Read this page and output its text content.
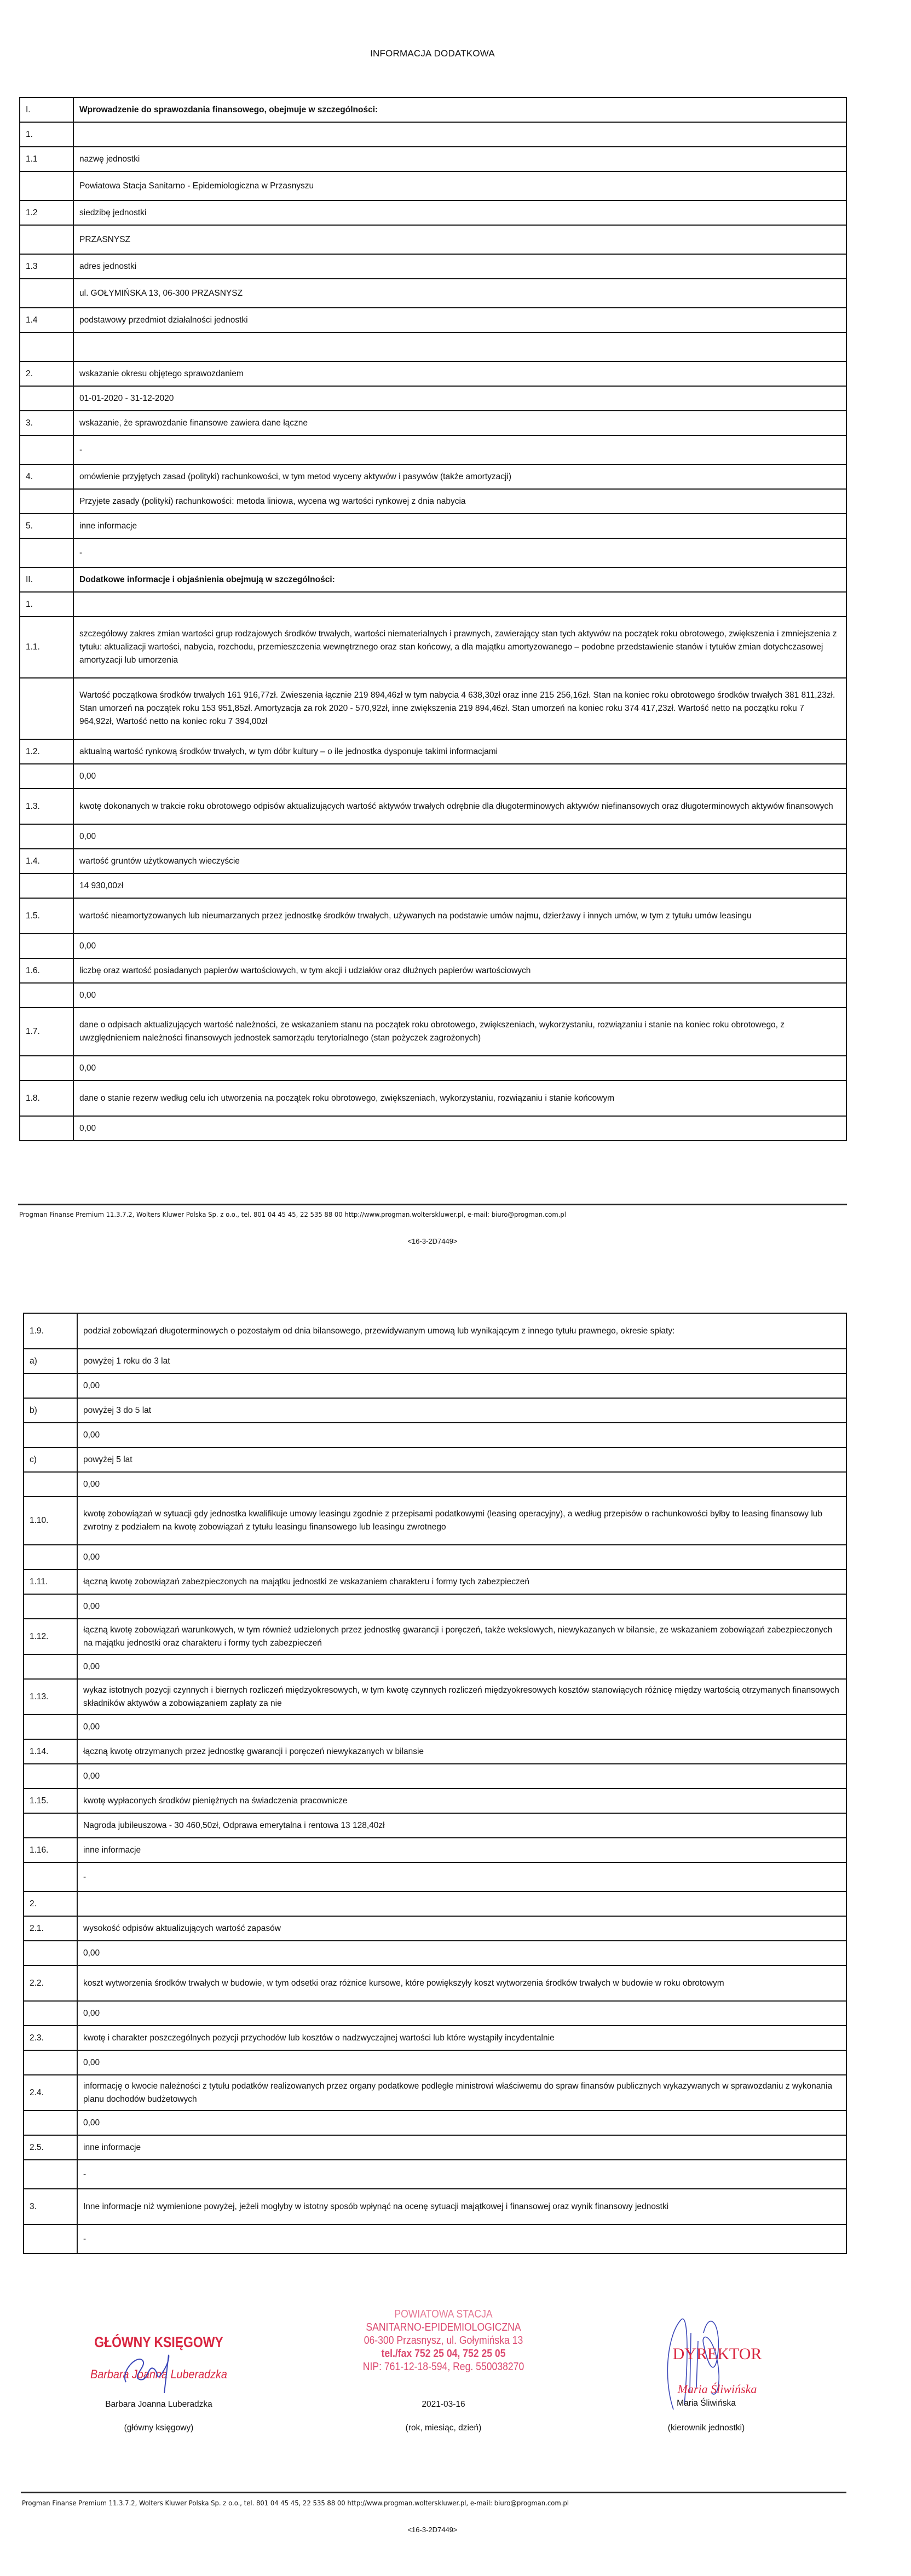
INFORMACJA DODATKOWA
I.	Wprowadzenie do sprawozdania finansowego, obejmuje w szczególności:
1.	
1.1	nazwę jednostki
	Powiatowa Stacja Sanitarno - Epidemiologiczna w Przasnyszu
1.2	siedzibę jednostki
	PRZASNYSZ
1.3	adres jednostki
	ul. GOŁYMIŃSKA 13, 06-300 PRZASNYSZ
1.4	podstawowy przedmiot działalności jednostki

2.	wskazanie okresu objętego sprawozdaniem
	01-01-2020 - 31-12-2020
3.	wskazanie, że sprawozdanie finansowe zawiera dane łączne
	-
4.	omówienie przyjętych zasad (polityki) rachunkowości, w tym metod wyceny aktywów i pasywów (także amortyzacji)
	Przyjete zasady (polityki) rachunkowości: metoda liniowa, wycena wg wartości rynkowej z dnia nabycia
5.	inne informacje
	-
II.	Dodatkowe informacje i objaśnienia obejmują w szczególności:
1.	
1.1.	szczegółowy zakres zmian wartości grup rodzajowych środków trwałych, wartości niematerialnych i prawnych, zawierający stan tych aktywów na początek roku obrotowego, zwiększenia i zmniejszenia z tytułu: aktualizacji wartości, nabycia, rozchodu, przemieszczenia wewnętrznego oraz stan końcowy, a dla majątku amortyzowanego – podobne przedstawienie stanów i tytułów zmian dotychczasowej amortyzacji lub umorzenia
	Wartość początkowa środków trwałych 161 916,77zł. Zwieszenia łącznie 219 894,46zł w tym nabycia 4 638,30zł oraz inne 215 256,16zł. Stan na koniec roku obrotowego środków trwałych 381 811,23zł. Stan umorzeń na początek roku 153 951,85zł. Amortyzacja za rok 2020 - 570,92zł, inne zwiększenia 219 894,46zł. Stan umorzeń na koniec roku 374 417,23zł. Wartość netto na początku roku 7 964,92zł, Wartość netto na koniec roku 7 394,00zł
1.2.	aktualną wartość rynkową środków trwałych, w tym dóbr kultury – o ile jednostka dysponuje takimi informacjami
	0,00
1.3.	kwotę dokonanych w trakcie roku obrotowego odpisów aktualizujących wartość aktywów trwałych odrębnie dla długoterminowych aktywów niefinansowych oraz długoterminowych aktywów finansowych
	0,00
1.4.	wartość gruntów użytkowanych wieczyście
	14 930,00zł
1.5.	wartość nieamortyzowanych lub nieumarzanych przez jednostkę środków trwałych, używanych na podstawie umów najmu, dzierżawy i innych umów, w tym z tytułu umów leasingu
	0,00
1.6.	liczbę oraz wartość posiadanych papierów wartościowych, w tym akcji i udziałów oraz dłużnych papierów wartościowych
	0,00
1.7.	dane o odpisach aktualizujących wartość należności, ze wskazaniem stanu na początek roku obrotowego, zwiększeniach, wykorzystaniu, rozwiązaniu i stanie na koniec roku obrotowego, z uwzględnieniem należności finansowych jednostek samorządu terytorialnego (stan pożyczek zagrożonych)
	0,00
1.8.	dane o stanie rezerw według celu ich utworzenia na początek roku obrotowego, zwiększeniach, wykorzystaniu, rozwiązaniu i stanie końcowym
	0,00
Progman Finanse Premium 11.3.7.2, Wolters Kluwer Polska Sp. z o.o., tel. 801 04 45 45, 22 535 88 00 http://www.progman.wolterskluwer.pl, e-mail: biuro@progman.com.pl
<16-3-2D7449>
1.9.	podział zobowiązań długoterminowych o pozostałym od dnia bilansowego, przewidywanym umową lub wynikającym z innego tytułu prawnego, okresie spłaty:
a)	powyżej 1 roku do 3 lat
	0,00
b)	powyżej 3 do 5 lat
	0,00
c)	powyżej 5 lat
	0,00
1.10.	kwotę zobowiązań w sytuacji gdy jednostka kwalifikuje umowy leasingu zgodnie z przepisami podatkowymi (leasing operacyjny), a według przepisów o rachunkowości byłby to leasing finansowy lub zwrotny z podziałem na kwotę zobowiązań z tytułu leasingu finansowego lub leasingu zwrotnego
	0,00
1.11.	łączną kwotę zobowiązań zabezpieczonych na majątku jednostki ze wskazaniem charakteru i formy tych zabezpieczeń
	0,00
1.12.	łączną kwotę zobowiązań warunkowych, w tym również udzielonych przez jednostkę gwarancji i poręczeń, także wekslowych, niewykazanych w bilansie, ze wskazaniem zobowiązań zabezpieczonych na majątku jednostki oraz charakteru i formy tych zabezpieczeń
	0,00
1.13.	wykaz istotnych pozycji czynnych i biernych rozliczeń międzyokresowych, w tym kwotę czynnych rozliczeń międzyokresowych kosztów stanowiących różnicę między wartością otrzymanych finansowych składników aktywów a zobowiązaniem zapłaty za nie
	0,00
1.14.	łączną kwotę otrzymanych przez jednostkę gwarancji i poręczeń niewykazanych w bilansie
	0,00
1.15.	kwotę wypłaconych środków pieniężnych na świadczenia pracownicze
	Nagroda jubileuszowa - 30 460,50zł, Odprawa emerytalna i rentowa 13 128,40zł
1.16.	inne informacje
	-
2.	
2.1.	wysokość odpisów aktualizujących wartość zapasów
	0,00
2.2.	koszt wytworzenia środków trwałych w budowie, w tym odsetki oraz różnice kursowe, które powiększyły koszt wytworzenia środków trwałych w budowie w roku obrotowym
	0,00
2.3.	kwotę i charakter poszczególnych pozycji przychodów lub kosztów o nadzwyczajnej wartości lub które wystąpiły incydentalnie
	0,00
2.4.	informację o kwocie należności z tytułu podatków realizowanych przez organy podatkowe podległe ministrowi właściwemu do spraw finansów publicznych wykazywanych w sprawozdaniu z wykonania planu dochodów budżetowych
	0,00
2.5.	inne informacje
	-
3.	Inne informacje niż wymienione powyżej, jeżeli mogłyby w istotny sposób wpłynąć na ocenę sytuacji majątkowej i finansowej oraz wynik finansowy jednostki
	-
GŁÓWNY KSIĘGOWY
Barbara Joanna Luberadzka
Barbara Joanna Luberadzka
(główny księgowy)
POWIATOWA STACJA
SANITARNO-EPIDEMIOLOGICZNA
06-300 Przasnysz, ul. Gołymińska 13
tel./fax 752 25 04, 752 25 05
NIP: 761-12-18-594, Reg. 550038270
2021-03-16
(rok, miesiąc, dzień)
DYREKTOR
Maria Śliwińska
Maria Śliwińska
(kierownik jednostki)
Progman Finanse Premium 11.3.7.2, Wolters Kluwer Polska Sp. z o.o., tel. 801 04 45 45, 22 535 88 00 http://www.progman.wolterskluwer.pl, e-mail: biuro@progman.com.pl
<16-3-2D7449>
